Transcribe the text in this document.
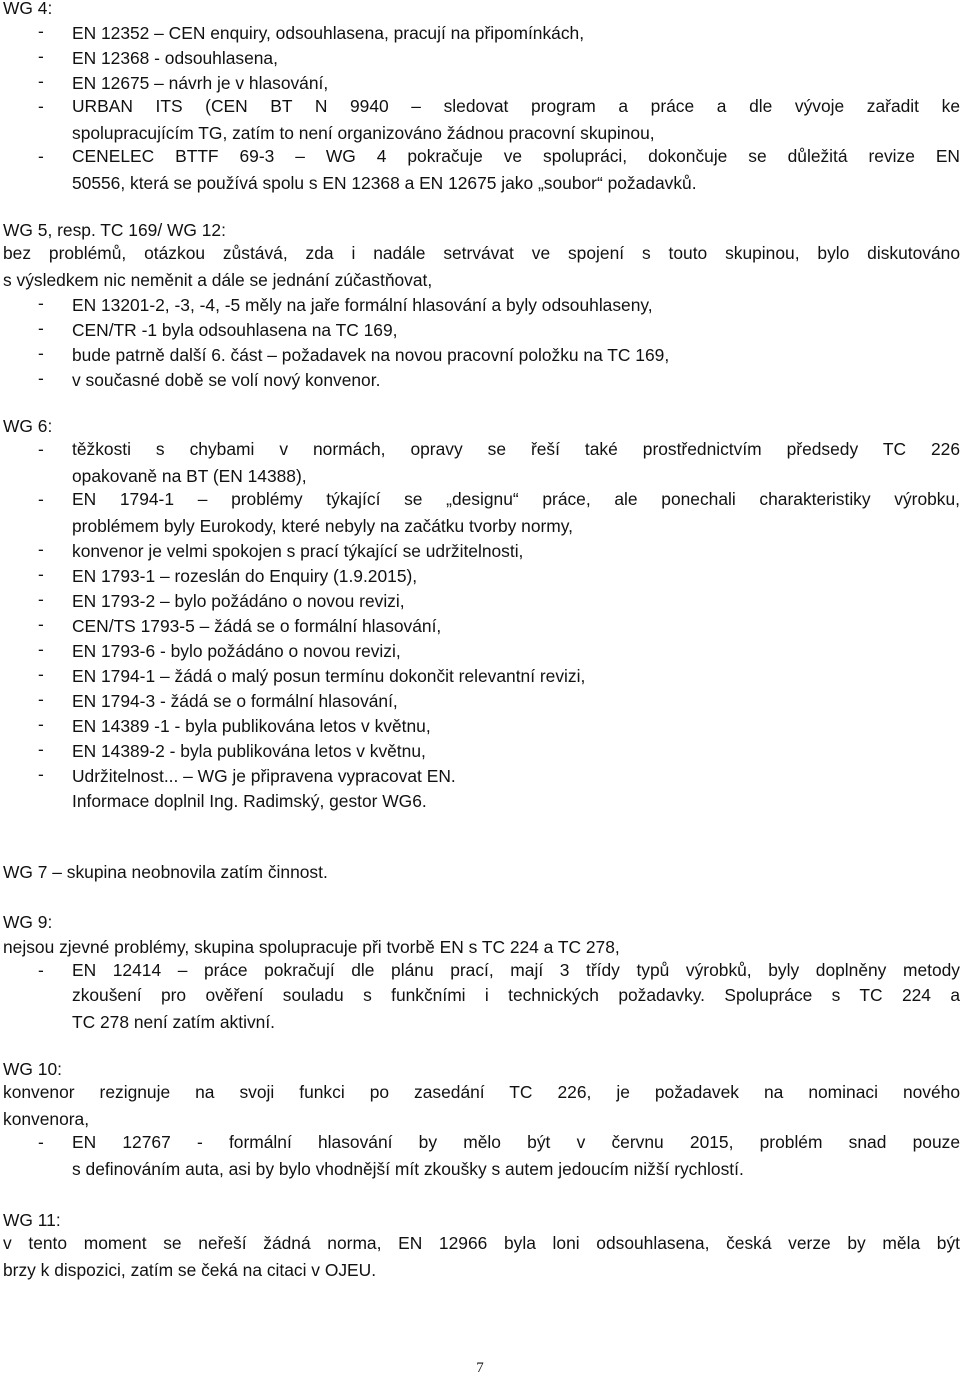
WG 4:
- EN 12352 – CEN enquiry, odsouhlasena, pracují na připomínkách,
- EN 12368 - odsouhlasena,
- EN 12675 – návrh je v hlasování,
- URBAN ITS (CEN BT N 9940 – sledovat program a práce a dle vývoje zařadit ke
spolupracujícím TG, zatím to není organizováno žádnou pracovní skupinou,
- CENELEC BTTF 69-3 – WG 4 pokračuje ve spolupráci, dokončuje se důležitá revize EN
50556, která se používá spolu s EN 12368 a EN 12675 jako „soubor“ požadavků.
WG 5, resp. TC 169/ WG 12:
bez problémů, otázkou zůstává, zda i nadále setrvávat ve spojení s touto skupinou, bylo diskutováno
s výsledkem nic neměnit a dále se jednání zúčastňovat,
- EN 13201-2, -3, -4, -5 měly na jaře formální hlasování a byly odsouhlaseny,
- CEN/TR -1 byla odsouhlasena na TC 169,
- bude patrně další 6. část – požadavek na novou pracovní položku na TC 169,
- v současné době se volí nový konvenor.
WG 6:
- těžkosti s chybami v normách, opravy se řeší také prostřednictvím předsedy TC 226
opakovaně na BT (EN 14388),
- EN 1794-1 – problémy týkající se „designu“ práce, ale ponechali charakteristiky výrobku,
problémem byly Eurokody, které nebyly na začátku tvorby normy,
- konvenor je velmi spokojen s prací týkající se udržitelnosti,
- EN 1793-1 – rozeslán do Enquiry (1.9.2015),
- EN 1793-2 – bylo požádáno o novou revizi,
- CEN/TS 1793-5 – žádá se o formální hlasování,
- EN 1793-6 - bylo požádáno o novou revizi,
- EN 1794-1 – žádá o malý posun termínu dokončit relevantní revizi,
- EN 1794-3 - žádá se o formální hlasování,
- EN 14389 -1 - byla publikována letos v květnu,
- EN 14389-2 - byla publikována letos v květnu,
- Udržitelnost... – WG je připravena vypracovat EN.
Informace doplnil Ing. Radimský, gestor WG6.
WG 7 – skupina neobnovila zatím činnost.
WG 9:
nejsou zjevné problémy, skupina spolupracuje při tvorbě EN s TC 224 a TC 278,
- EN 12414 – práce pokračují dle plánu prací, mají 3 třídy typů výrobků, byly doplněny metody
zkoušení pro ověření souladu s funkčními i technických požadavky. Spolupráce s TC 224 a
TC 278 není zatím aktivní.
WG 10:
konvenor rezignuje na svoji funkci po zasedání TC 226, je požadavek na nominaci nového
konvenora,
- EN 12767 - formální hlasování by mělo být v červnu 2015, problém snad pouze
s definováním auta, asi by bylo vhodnější mít zkoušky s autem jedoucím nižší rychlostí.
WG 11:
v tento moment se neřeší žádná norma, EN 12966 byla loni odsouhlasena, česká verze by měla být
brzy k dispozici, zatím se čeká na citaci v OJEU.
7
